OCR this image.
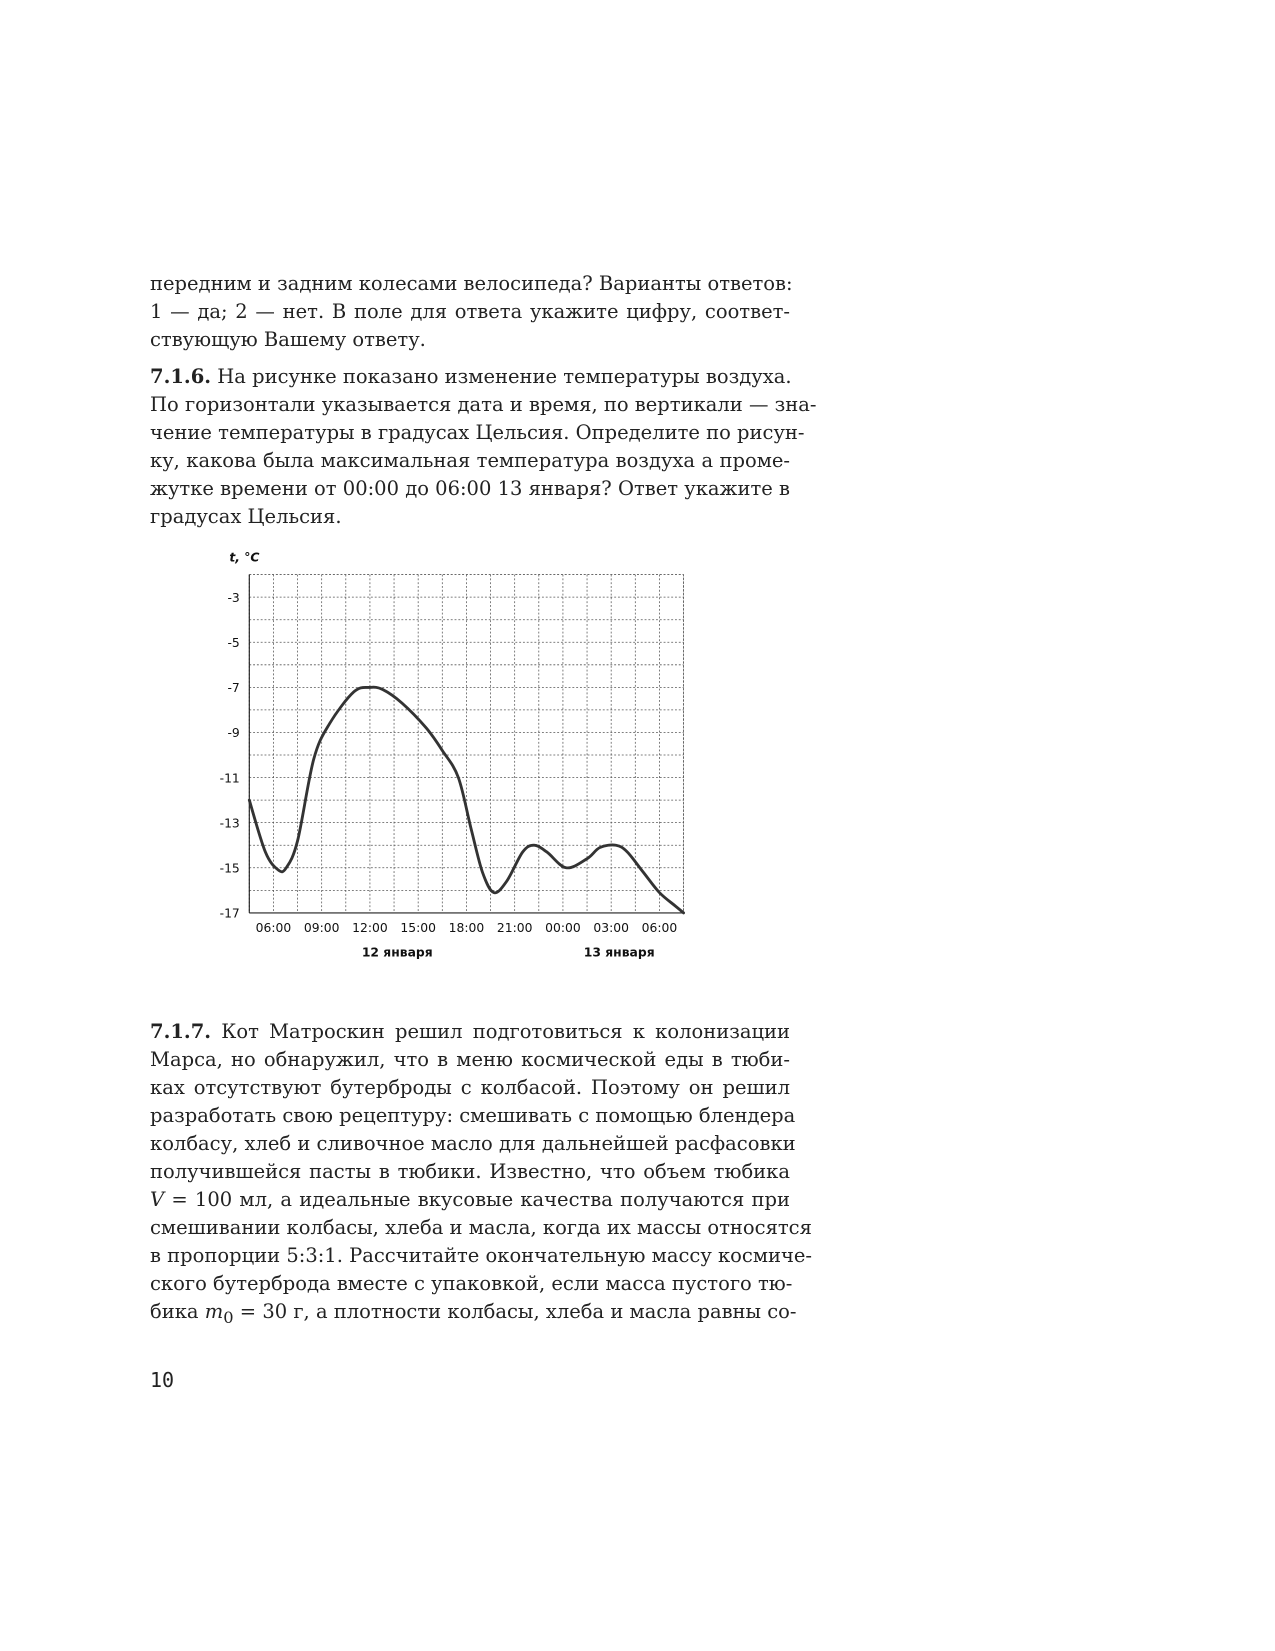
передним и задним колесами велосипеда? Варианты ответов:
1 — да; 2 — нет. В поле для ответа укажите цифру, соответ-
ствующую Вашему ответу.

7.1.6. На рисунке показано изменение температуры воздуха.
По горизонтали указывается дата и время, по вертикали — зна-
чение температуры в градусах Цельсия. Определите по рисун-
ку, какова была максимальная температура воздуха а проме-
жутке времени от 00:00 до 06:00 13 января? Ответ укажите в
градусах Цельсия.

-3
-5
-7
-9
-11
-13
-15
-17
06:00 09:00 12:00 15:00 18:00 21:00 00:00 03:00 06:00
12 января	13 января
t, °C

7.1.7. Кот Матроскин решил подготовиться к колонизации
Марса, но обнаружил, что в меню космической еды в тюби-
ках отсутствуют бутерброды с колбасой. Поэтому он решил
разработать свою рецептуру: смешивать с помощью блендера
колбасу, хлеб и сливочное масло для дальнейшей расфасовки
получившейся пасты в тюбики. Известно, что объем тюбика
V = 100 мл, а идеальные вкусовые качества получаются при
смешивании колбасы, хлеба и масла, когда их массы относятся
в пропорции 5:3:1. Рассчитайте окончательную массу космиче-
ского бутерброда вместе с упаковкой, если масса пустого тю-
бика $m_0 = 30$ г, а плотности колбасы, хлеба и масла равны со-

10
